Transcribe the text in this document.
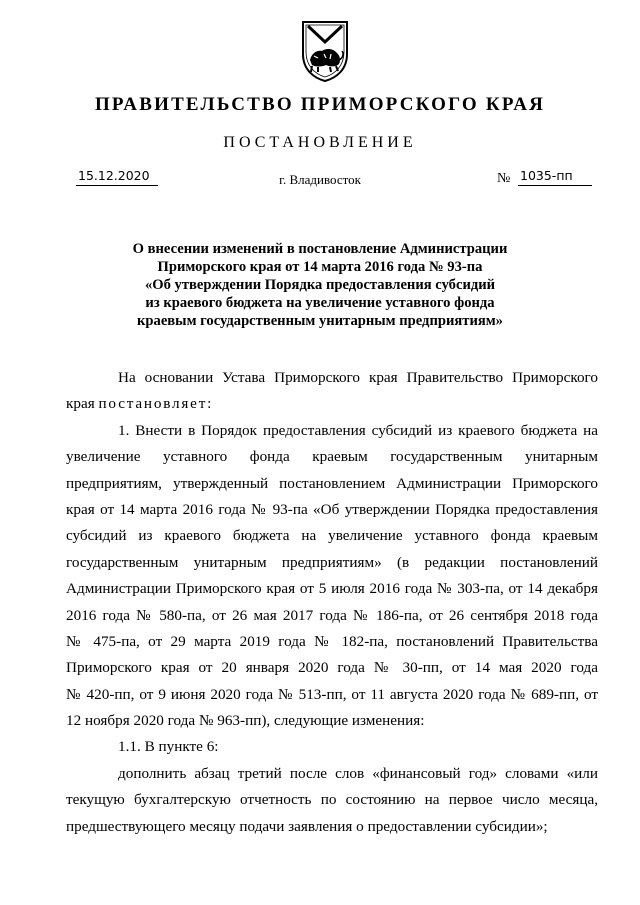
ПРАВИТЕЛЬСТВО ПРИМОРСКОГО КРАЯ
ПОСТАНОВЛЕНИЕ
15.12.2020	г. Владивосток	№ 1035-пп
О внесении изменений в постановление Администрации
Приморского края от 14 марта 2016 года № 93-па
«Об утверждении Порядка предоставления субсидий
из краевого бюджета на увеличение уставного фонда
краевым государственным унитарным предприятиям»
На основании Устава Приморского края Правительство Приморского
края постановляет:
1. Внести в Порядок предоставления субсидий из краевого бюджета на
увеличение уставного фонда краевым государственным унитарным
предприятиям, утвержденный постановлением Администрации Приморского
края от 14 марта 2016 года № 93-па «Об утверждении Порядка предоставления
субсидий из краевого бюджета на увеличение уставного фонда краевым
государственным унитарным предприятиям» (в редакции постановлений
Администрации Приморского края от 5 июля 2016 года № 303-па, от 14 декабря
2016 года № 580-па, от 26 мая 2017 года № 186-па, от 26 сентября 2018 года
№ 475-па, от 29 марта 2019 года № 182-па, постановлений Правительства
Приморского края от 20 января 2020 года № 30-пп, от 14 мая 2020 года
№ 420-пп, от 9 июня 2020 года № 513-пп, от 11 августа 2020 года № 689-пп, от
12 ноября 2020 года № 963-пп), следующие изменения:
1.1. В пункте 6:
дополнить абзац третий после слов «финансовый год» словами «или
текущую бухгалтерскую отчетность по состоянию на первое число месяца,
предшествующего месяцу подачи заявления о предоставлении субсидии»;
